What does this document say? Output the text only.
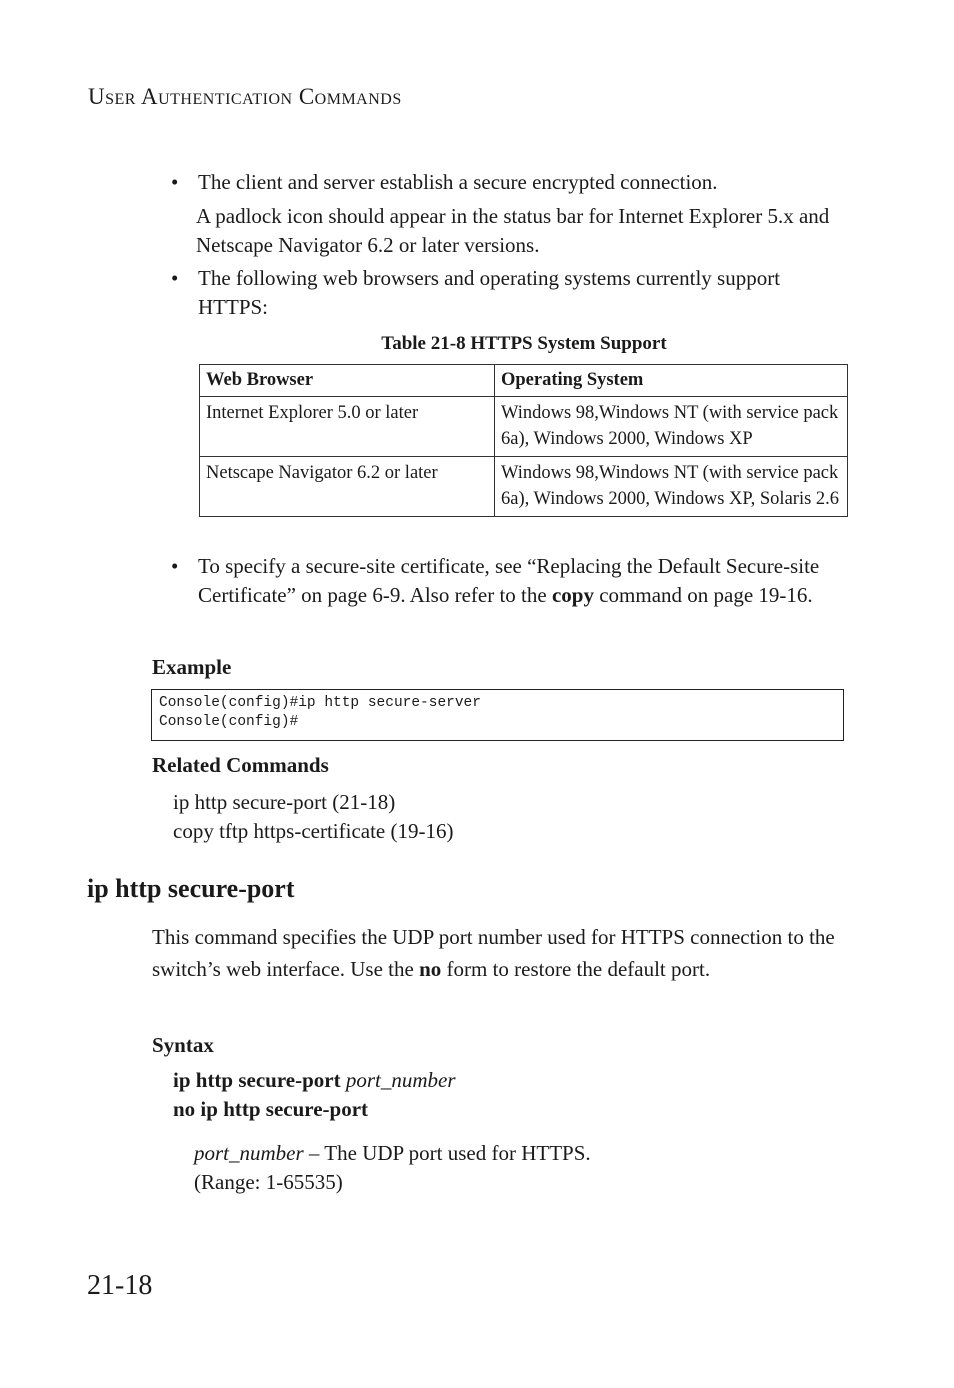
USER AUTHENTICATION COMMANDS
• The client and server establish a secure encrypted connection.
A padlock icon should appear in the status bar for Internet Explorer 5.x and Netscape Navigator 6.2 or later versions.
• The following web browsers and operating systems currently support HTTPS:
Table 21-8 HTTPS System Support
Web Browser	Operating System
Internet Explorer 5.0 or later	Windows 98,Windows NT (with service pack 6a), Windows 2000, Windows XP
Netscape Navigator 6.2 or later	Windows 98,Windows NT (with service pack 6a), Windows 2000, Windows XP, Solaris 2.6
• To specify a secure-site certificate, see “Replacing the Default Secure-site Certificate” on page 6-9. Also refer to the copy command on page 19-16.
Example
Console(config)#ip http secure-server
Console(config)#
Related Commands
ip http secure-port (21-18)
copy tftp https-certificate (19-16)
ip http secure-port
This command specifies the UDP port number used for HTTPS connection to the switch’s web interface. Use the no form to restore the default port.
Syntax
ip http secure-port port_number
no ip http secure-port
port_number – The UDP port used for HTTPS.
(Range: 1-65535)
21-18
